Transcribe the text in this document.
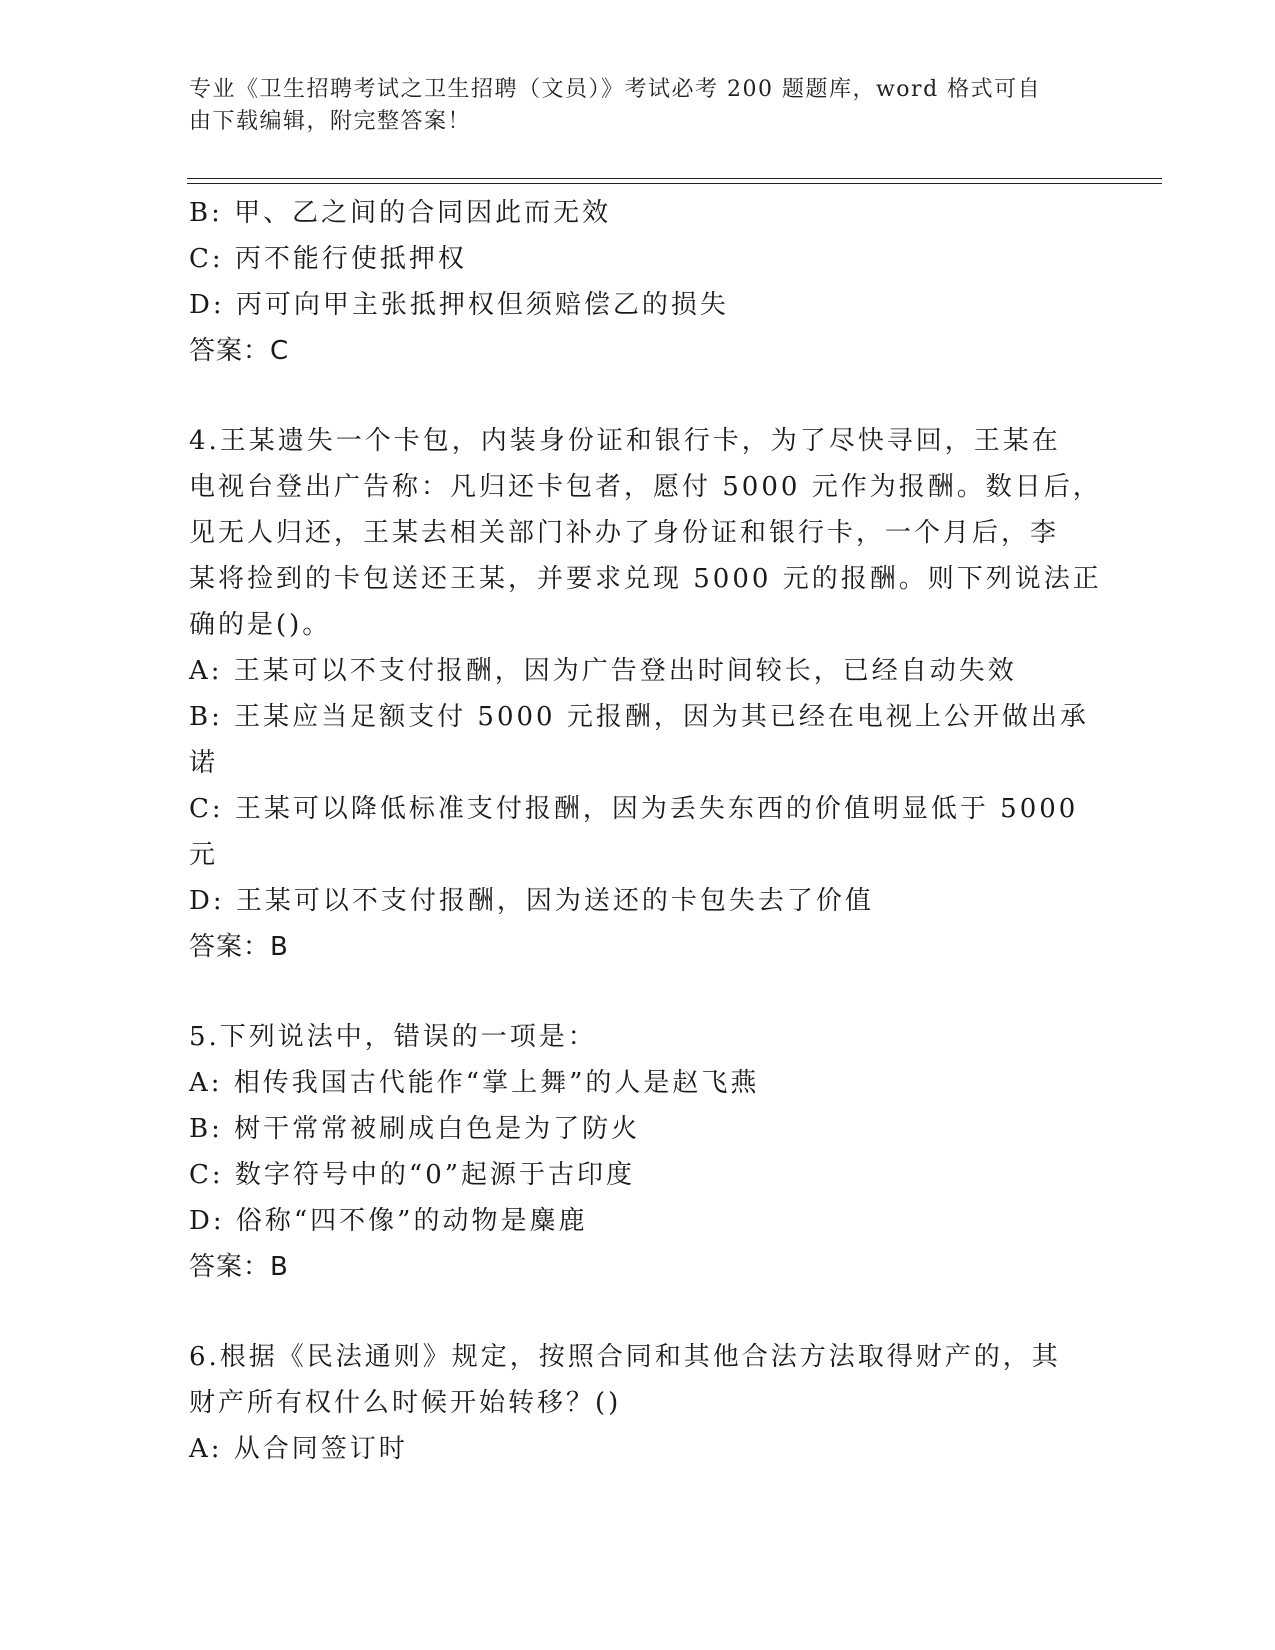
专业《卫生招聘考试之卫生招聘（文员）》考试必考 200 题题库，word 格式可自
由下载编辑，附完整答案！
B: 甲、乙之间的合同因此而无效
C: 丙不能行使抵押权
D: 丙可向甲主张抵押权但须赔偿乙的损失
答案：C
4.王某遗失一个卡包，内装身份证和银行卡，为了尽快寻回，王某在
电视台登出广告称：凡归还卡包者，愿付 5000 元作为报酬。数日后，
见无人归还，王某去相关部门补办了身份证和银行卡，一个月后，李
某将捡到的卡包送还王某，并要求兑现 5000 元的报酬。则下列说法正
确的是()。
A: 王某可以不支付报酬，因为广告登出时间较长，已经自动失效
B: 王某应当足额支付 5000 元报酬，因为其已经在电视上公开做出承
诺
C: 王某可以降低标准支付报酬，因为丢失东西的价值明显低于 5000
元
D: 王某可以不支付报酬，因为送还的卡包失去了价值
答案：B
5.下列说法中，错误的一项是：
A: 相传我国古代能作“掌上舞”的人是赵飞燕
B: 树干常常被刷成白色是为了防火
C: 数字符号中的“0”起源于古印度
D: 俗称“四不像”的动物是麋鹿
答案：B
6.根据《民法通则》规定，按照合同和其他合法方法取得财产的，其
财产所有权什么时候开始转移？()
A: 从合同签订时
